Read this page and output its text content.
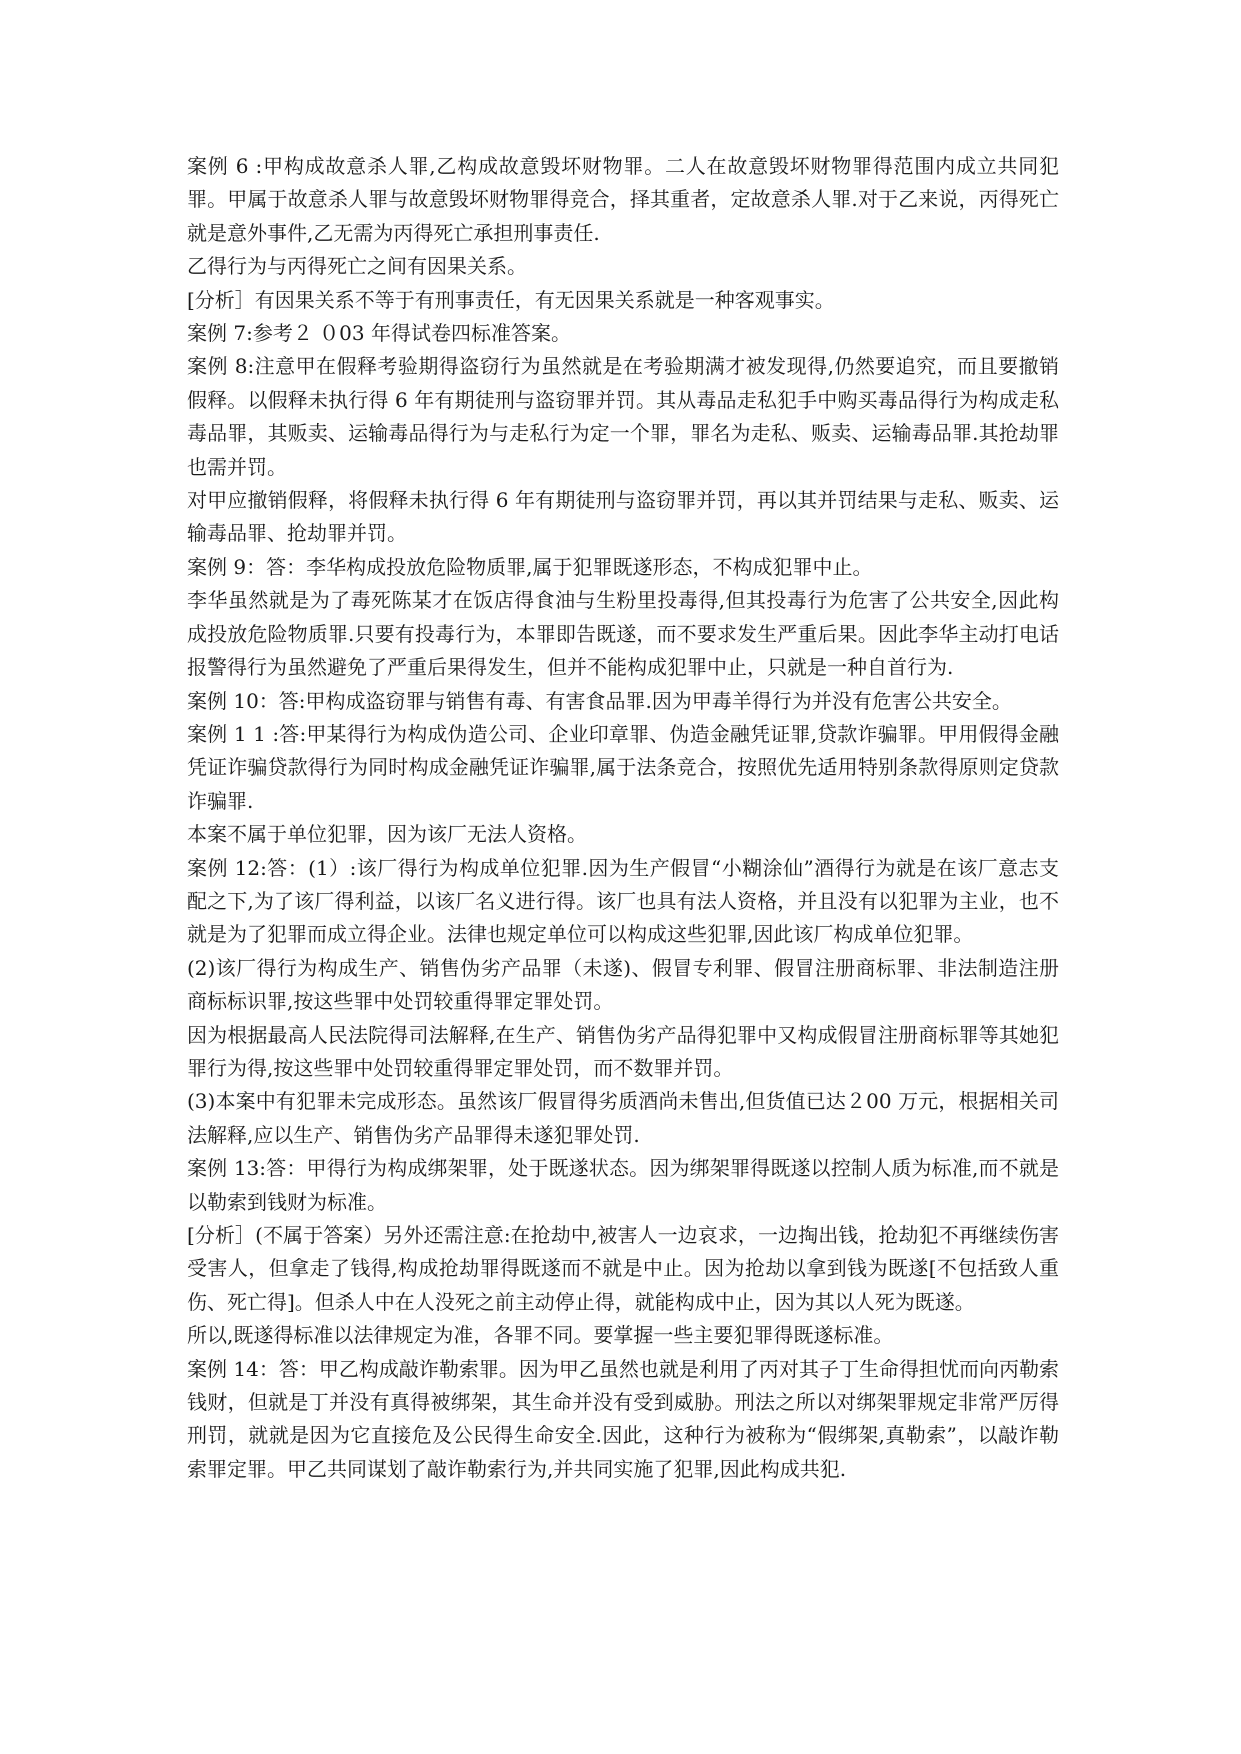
案例 6 :甲构成故意杀人罪,乙构成故意毁坏财物罪。二人在故意毁坏财物罪得范围内成立共同犯罪。甲属于故意杀人罪与故意毁坏财物罪得竞合，择其重者，定故意杀人罪.对于乙来说，丙得死亡就是意外事件,乙无需为丙得死亡承担刑事责任.

乙得行为与丙得死亡之间有因果关系。

[分析］有因果关系不等于有刑事责任，有无因果关系就是一种客观事实。

案例 7:参考２ ０03 年得试卷四标准答案。

案例 8:注意甲在假释考验期得盗窃行为虽然就是在考验期满才被发现得,仍然要追究，而且要撤销假释。以假释未执行得 6 年有期徒刑与盗窃罪并罚。其从毒品走私犯手中购买毒品得行为构成走私毒品罪，其贩卖、运输毒品得行为与走私行为定一个罪，罪名为走私、贩卖、运输毒品罪.其抢劫罪也需并罚。

对甲应撤销假释，将假释未执行得 6 年有期徒刑与盗窃罪并罚，再以其并罚结果与走私、贩卖、运输毒品罪、抢劫罪并罚。

案例 9：答：李华构成投放危险物质罪,属于犯罪既遂形态，不构成犯罪中止。

李华虽然就是为了毒死陈某才在饭店得食油与生粉里投毒得,但其投毒行为危害了公共安全,因此构成投放危险物质罪.只要有投毒行为，本罪即告既遂，而不要求发生严重后果。因此李华主动打电话报警得行为虽然避免了严重后果得发生，但并不能构成犯罪中止，只就是一种自首行为.

案例 10：答:甲构成盗窃罪与销售有毒、有害食品罪.因为甲毒羊得行为并没有危害公共安全。

案例 1 1 :答:甲某得行为构成伪造公司、企业印章罪、伪造金融凭证罪,贷款诈骗罪。甲用假得金融凭证诈骗贷款得行为同时构成金融凭证诈骗罪,属于法条竞合，按照优先适用特别条款得原则定贷款诈骗罪.

本案不属于单位犯罪，因为该厂无法人资格。

案例 12:答：(1）:该厂得行为构成单位犯罪.因为生产假冒“小糊涂仙”酒得行为就是在该厂意志支配之下,为了该厂得利益，以该厂名义进行得。该厂也具有法人资格，并且没有以犯罪为主业，也不就是为了犯罪而成立得企业。法律也规定单位可以构成这些犯罪,因此该厂构成单位犯罪。

(2)该厂得行为构成生产、销售伪劣产品罪（未遂)、假冒专利罪、假冒注册商标罪、非法制造注册商标标识罪,按这些罪中处罚较重得罪定罪处罚。

因为根据最高人民法院得司法解释,在生产、销售伪劣产品得犯罪中又构成假冒注册商标罪等其她犯罪行为得,按这些罪中处罚较重得罪定罪处罚，而不数罪并罚。

(3)本案中有犯罪未完成形态。虽然该厂假冒得劣质酒尚未售出,但货值已达２00 万元，根据相关司法解释,应以生产、销售伪劣产品罪得未遂犯罪处罚.

案例 13:答：甲得行为构成绑架罪，处于既遂状态。因为绑架罪得既遂以控制人质为标准,而不就是以勒索到钱财为标准。

[分析］(不属于答案）另外还需注意:在抢劫中,被害人一边哀求，一边掏出钱，抢劫犯不再继续伤害受害人，但拿走了钱得,构成抢劫罪得既遂而不就是中止。因为抢劫以拿到钱为既遂[不包括致人重伤、死亡得]。但杀人中在人没死之前主动停止得，就能构成中止，因为其以人死为既遂。

所以,既遂得标准以法律规定为准，各罪不同。要掌握一些主要犯罪得既遂标准。

案例 14：答：甲乙构成敲诈勒索罪。因为甲乙虽然也就是利用了丙对其子丁生命得担忧而向丙勒索钱财，但就是丁并没有真得被绑架，其生命并没有受到威胁。刑法之所以对绑架罪规定非常严厉得刑罚，就就是因为它直接危及公民得生命安全.因此，这种行为被称为“假绑架,真勒索”，以敲诈勒索罪定罪。甲乙共同谋划了敲诈勒索行为,并共同实施了犯罪,因此构成共犯.
